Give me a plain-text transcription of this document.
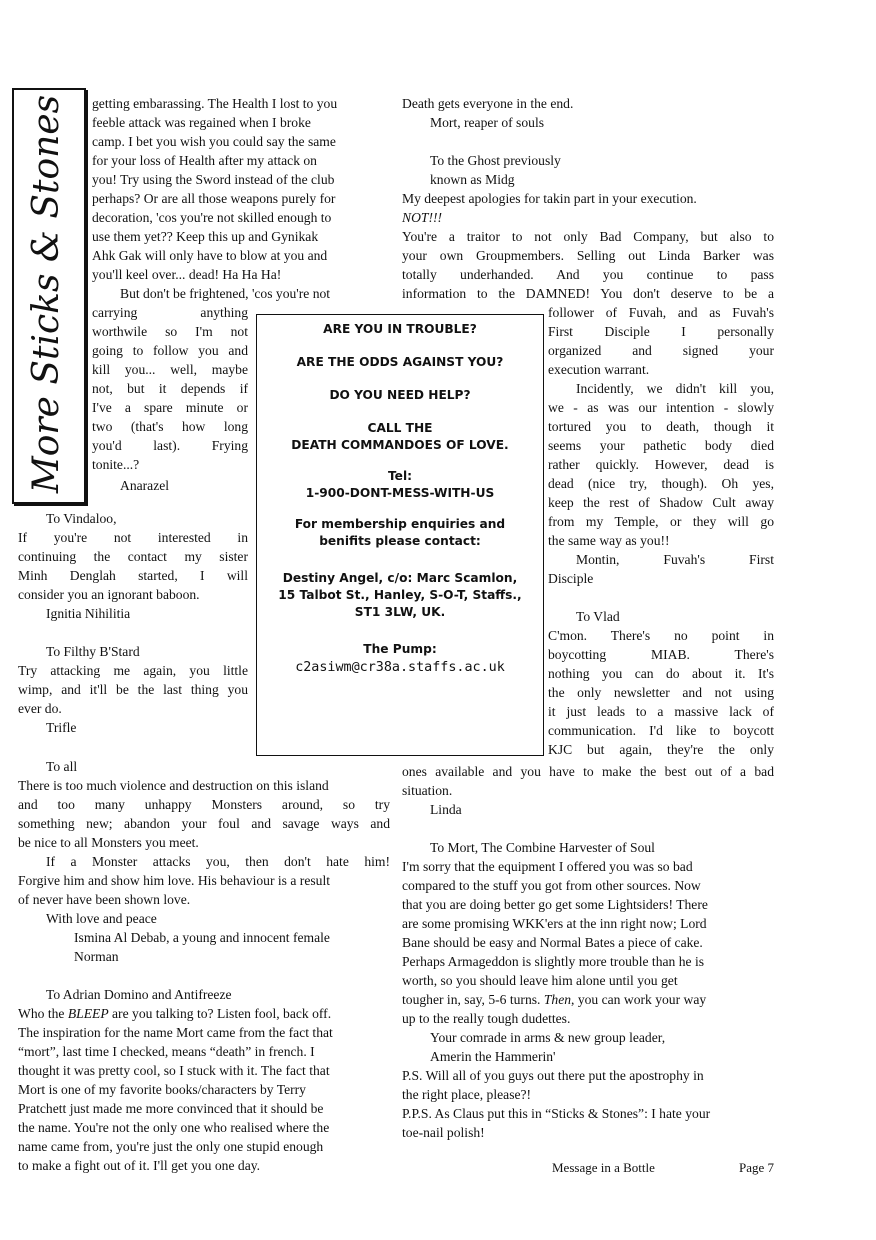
More Sticks & Stones getting embarassing. The Health I lost to you

feeble attack was regained when I broke

camp. I bet you wish you could say the same

for your loss of Health after my attack on

you! Try using the Sword instead of the club

perhaps? Or are all those weapons purely for

decoration, 'cos you're not skilled enough to

use them yet?? Keep this up and Gynikak

Ahk Gak will only have to blow at you and

you'll keel over... dead! Ha Ha Ha!

But don't be frightened, 'cos you're not

carrying anything

worthwile so I'm not

going to follow you and

kill you... well, maybe

not, but it depends if

I've a spare minute or

two (that's how long

you'd last). Frying

tonite...?

Anarazel

To Vindaloo,

If you're not interested in

continuing the contact my sister

Minh Denglah started, I will

consider you an ignorant baboon.

Ignitia Nihilitia

To Filthy B'Stard

Try attacking me again, you little

wimp, and it'll be the last thing you

ever do.

Trifle

To all

There is too much violence and destruction on this island

and too many unhappy Monsters around, so try

something new; abandon your foul and savage ways and

be nice to all Monsters you meet.

If a Monster attacks you, then don't hate him!

Forgive him and show him love. His behaviour is a result

of never have been shown love.

With love and peace

Ismina Al Debab, a young and innocent female

Norman

To Adrian Domino and Antifreeze

Who the BLEEP are you talking to? Listen fool, back off.

The inspiration for the name Mort came from the fact that

“mort”, last time I checked, means “death” in french. I

thought it was pretty cool, so I stuck with it. The fact that

Mort is one of my favorite books/characters by Terry

Pratchett just made me more convinced that it should be

the name. You're not the only one who realised where the

name came from, you're just the only one stupid enough

to make a fight out of it. I'll get you one day.

Death gets everyone in the end.

Mort, reaper of souls

To the Ghost previously

known as Midg

My deepest apologies for takin part in your execution.

NOT!!!

You're a traitor to not only Bad Company, but also to

your own Groupmembers. Selling out Linda Barker was

totally underhanded. And you continue to pass

information to the DAMNED! You don't deserve to be a

follower of Fuvah, and as Fuvah's

First Disciple I personally

organized and signed your

execution warrant.

Incidently, we didn't kill you,

we - as was our intention - slowly

tortured you to death, though it

seems your pathetic body died

rather quickly. However, dead is

dead (nice try, though). Oh yes,

keep the rest of Shadow Cult away

from my Temple, or they will go

the same way as you!!

Montin, Fuvah's First

Disciple

To Vlad

C'mon. There's no point in

boycotting MIAB. There's

nothing you can do about it. It's

the only newsletter and not using

it just leads to a massive lack of

communication. I'd like to boycott

KJC but again, they're the only

ones available and you have to make the best out of a bad

situation.

Linda

To Mort, The Combine Harvester of Soul

I'm sorry that the equipment I offered you was so bad

compared to the stuff you got from other sources. Now

that you are doing better go get some Lightsiders! There

are some promising WKK'ers at the inn right now; Lord

Bane should be easy and Normal Bates a piece of cake.

Perhaps Armageddon is slightly more trouble than he is

worth, so you should leave him alone until you get

tougher in, say, 5-6 turns. Then, you can work your way

up to the really tough dudettes.

Your comrade in arms & new group leader,

Amerin the Hammerin'

P.S. Will all of you guys out there put the apostrophy in

the right place, please?!

P.P.S. As Claus put this in “Sticks & Stones”: I hate your

toe-nail polish!

ARE YOU IN TROUBLE?
ARE THE ODDS AGAINST YOU?
DO YOU NEED HELP?
CALL THE
DEATH COMMANDOES OF LOVE.
Tel:
1-900-DONT-MESS-WITH-US
For membership enquiries and
benifits please contact:
Destiny Angel, c/o: Marc Scamlon,
15 Talbot St., Hanley, S-O-T, Staffs.,
ST1 3LW, UK.
The Pump:
c2asiwm@cr38a.staffs.ac.uk
Message in a Bottle	Page 7
